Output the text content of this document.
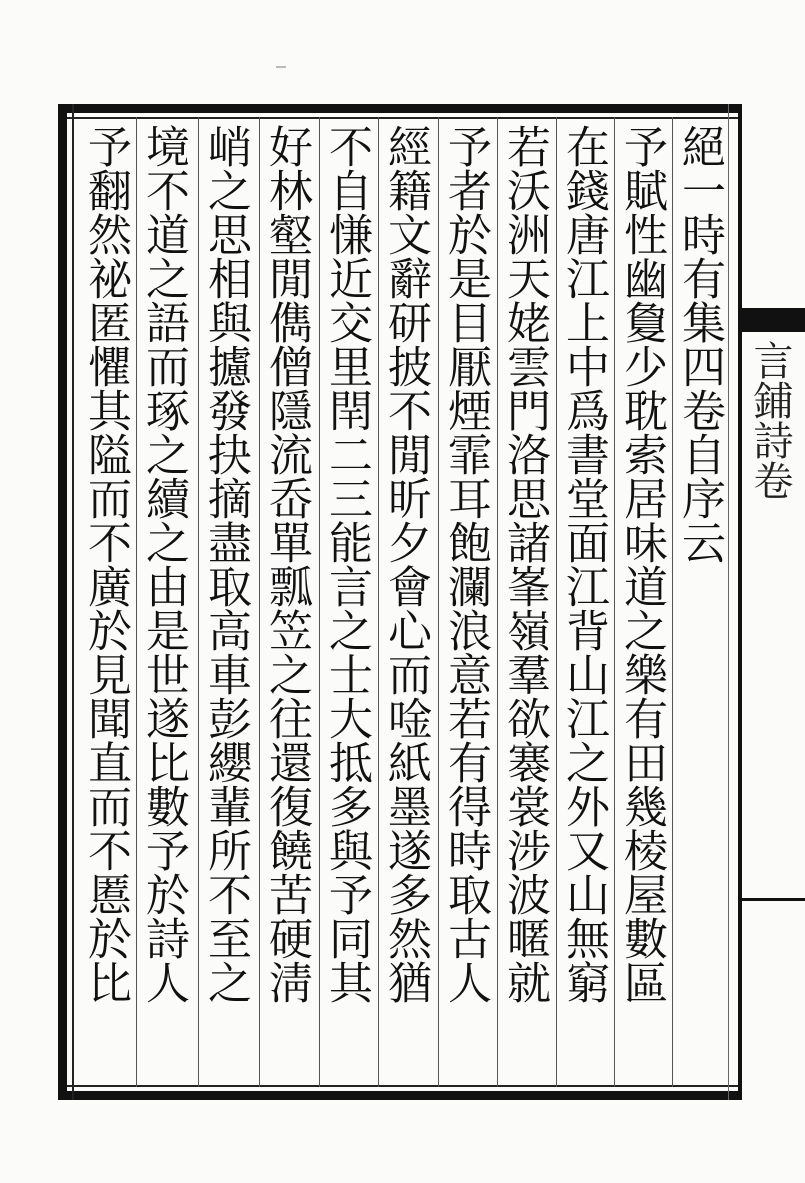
絕一時有集四卷自序云
予賦性幽敻少耽索居味道之樂有田幾棱屋數區
在錢唐江上中爲書堂面江背山江之外又山無窮
若沃洲天姥雲門洛思諸峯嶺羣欲褰裳涉波暱就
予者於是目厭煙霏耳飽瀾浪意若有得時取古人
經籍文辭研披不閒昕夕會心而唫紙墨遂多然猶
不自慊近交里閈二三能言之士大抵多與予同其
好林壑閒儁僧隱流岙單瓢笠之往還復饒苦硬淸
峭之思相與攄發抉摘盡取高車彭纓輩所不至之
境不道之語而琢之續之由是世遂比數予於詩人
予翻然祕匿懼其隘而不廣於見聞直而不慝於比	言鋪詩卷
